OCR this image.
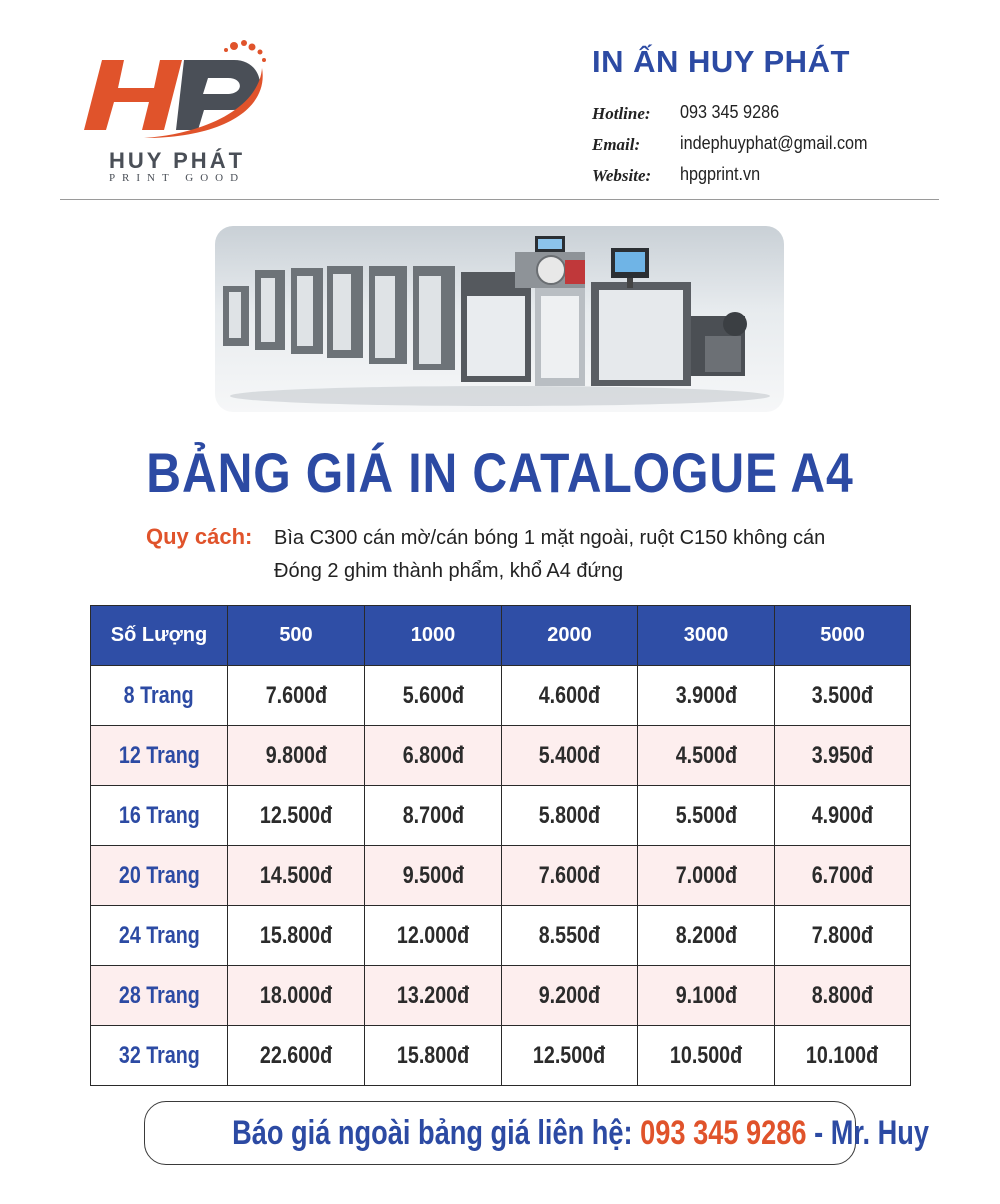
HUY PHÁT
PRINT GOOD
IN ẤN HUY PHÁT
Hotline: 093 345 9286
Email: indephuyphat@gmail.com
Website: hpgprint.vn
BẢNG GIÁ IN CATALOGUE A4
Quy cách: Bìa C300 cán mờ/cán bóng 1 mặt ngoài, ruột C150 không cán
Đóng 2 ghim thành phẩm, khổ A4 đứng
Số Lượng	500	1000	2000	3000	5000
8 Trang	7.600đ	5.600đ	4.600đ	3.900đ	3.500đ
12 Trang	9.800đ	6.800đ	5.400đ	4.500đ	3.950đ
16 Trang	12.500đ	8.700đ	5.800đ	5.500đ	4.900đ
20 Trang	14.500đ	9.500đ	7.600đ	7.000đ	6.700đ
24 Trang	15.800đ	12.000đ	8.550đ	8.200đ	7.800đ
28 Trang	18.000đ	13.200đ	9.200đ	9.100đ	8.800đ
32 Trang	22.600đ	15.800đ	12.500đ	10.500đ	10.100đ
Báo giá ngoài bảng giá liên hệ: 093 345 9286 - Mr. Huy
